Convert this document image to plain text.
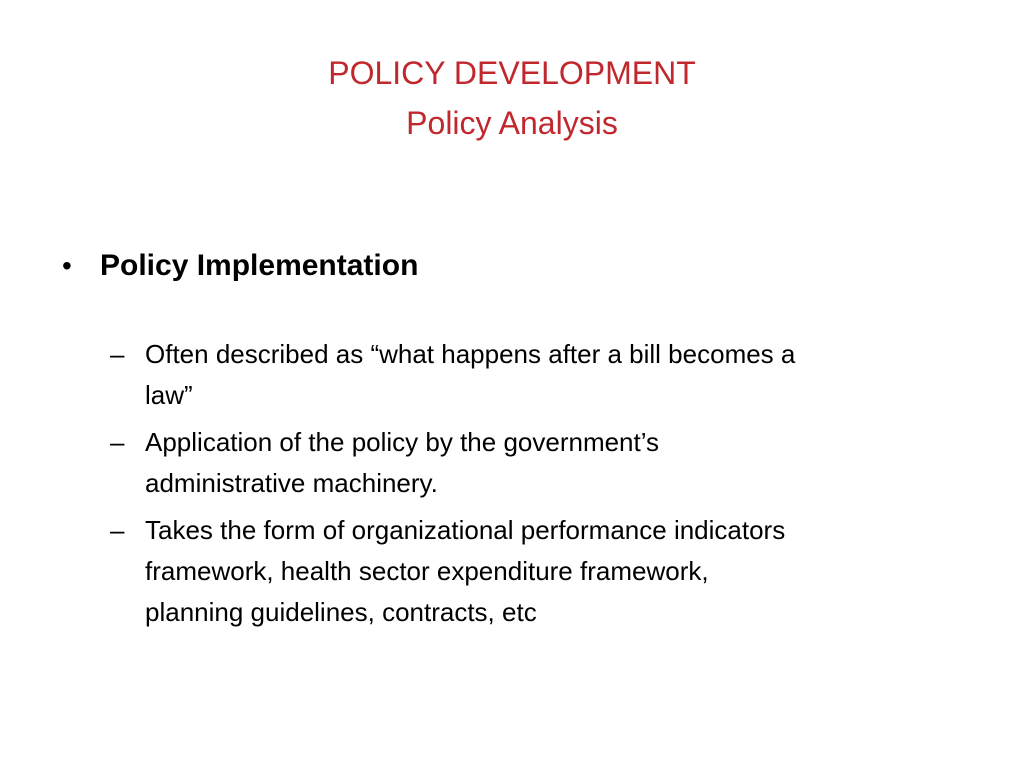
POLICY DEVELOPMENT
Policy Analysis
• Policy Implementation
– Often described as “what happens after a bill becomes a
law”
– Application of the policy by the government’s
administrative machinery.
– Takes the form of organizational performance indicators
framework, health sector expenditure framework,
planning guidelines, contracts, etc
